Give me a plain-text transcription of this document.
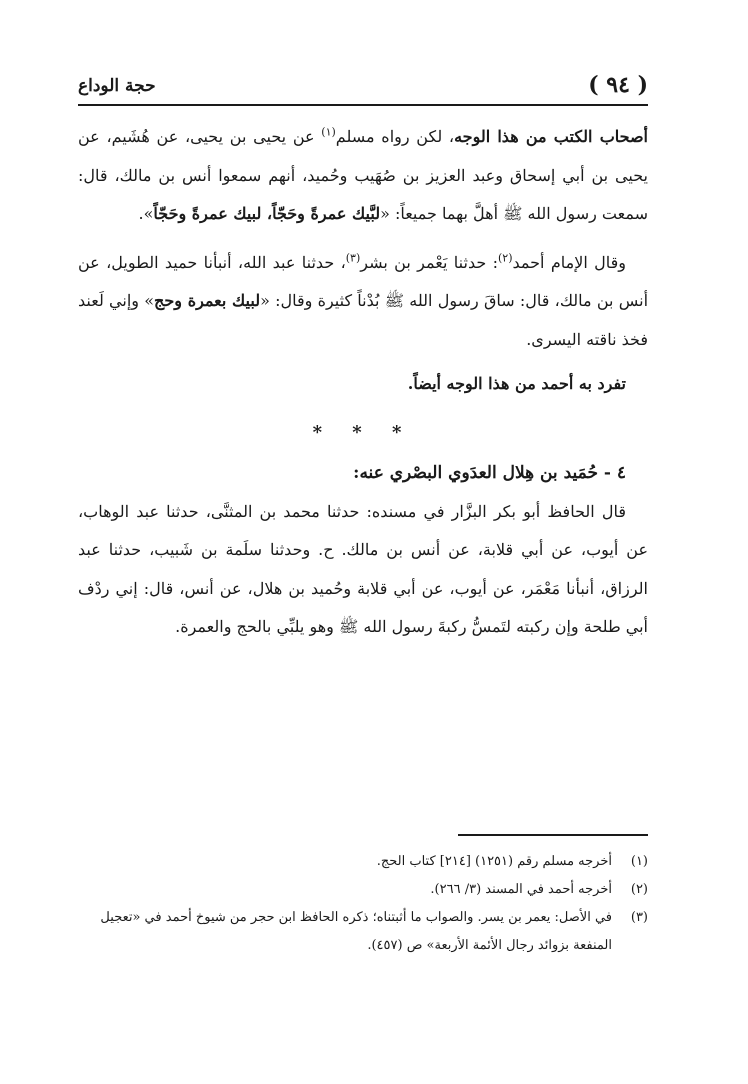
( ٩٤ )
حجة الوداع

أصحاب الكتب من هذا الوجه، لكن رواه مسلم$^{(١)}$ عن يحيى بن يحيى، عن هُشَيم، عن يحيى بن أبي إسحاق وعبد العزيز بن صُهَيب وحُميد، أنهم سمعوا أنس بن مالك، قال: سمعت رسول الله ﷺ أهلَّ بهما جميعاً: «لبَّيك عمرةً وحَجّاً، لبيك عمرةً وحَجّاً».

وقال الإمام أحمد$^{(٢)}$: حدثنا يَعْمر بن بشر$^{(٣)}$، حدثنا عبد الله، أنبأنا حميد الطويل، عن أنس بن مالك، قال: ساقَ رسول الله ﷺ بُدْناً كثيرة وقال: «لبيك بعمرة وحج» وإني لَعند فخذ ناقته اليسرى.

تفرد به أحمد من هذا الوجه أيضاً.

* * *

٤ - حُمَيد بن هِلال العدَوي البصْري عنه:

قال الحافظ أبو بكر البزَّار في مسنده: حدثنا محمد بن المثنَّى، حدثنا عبد الوهاب، عن أيوب، عن أبي قلابة، عن أنس بن مالك. ح. وحدثنا سلَمة بن شَبيب، حدثنا عبد الرزاق، أنبأنا مَعْمَر، عن أيوب، عن أبي قلابة وحُميد بن هلال، عن أنس، قال: إني ردْف أبي طلحة وإن ركبته لتَمسُّ ركبةَ رسول الله ﷺ وهو يلبِّي بالحج والعمرة.

(١)
أخرجه مسلم رقم (١٢٥١) [٢١٤] كتاب الحج.
(٢)
أخرجه أحمد في المسند (٣/ ٢٦٦).
(٣)
في الأصل: يعمر بن يسر. والصواب ما أثبتناه؛ ذكره الحافظ ابن حجر من شيوخ أحمد في «تعجيل المنفعة بزوائد رجال الأئمة الأربعة» ص (٤٥٧).
